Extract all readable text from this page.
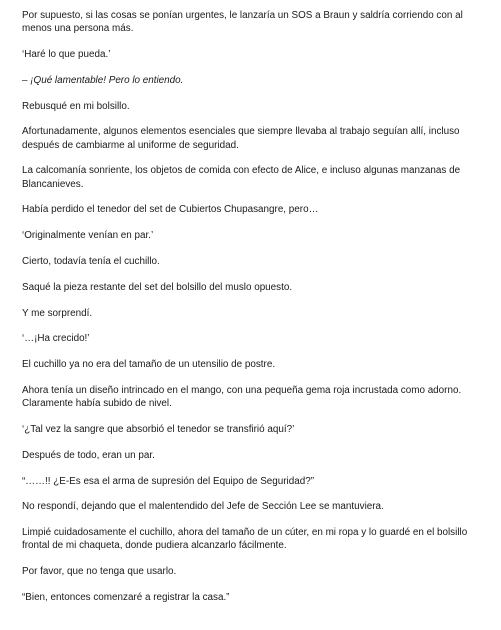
Por supuesto, si las cosas se ponían urgentes, le lanzaría un SOS a Braun y saldría corriendo con al menos una persona más.

‘Haré lo que pueda.’

– ¡Qué lamentable! Pero lo entiendo.

Rebusqué en mi bolsillo.

Afortunadamente, algunos elementos esenciales que siempre llevaba al trabajo seguían allí, incluso después de cambiarme al uniforme de seguridad.

La calcomanía sonriente, los objetos de comida con efecto de Alice, e incluso algunas manzanas de Blancanieves.

Había perdido el tenedor del set de Cubiertos Chupasangre, pero…

‘Originalmente venían en par.’

Cierto, todavía tenía el cuchillo.

Saqué la pieza restante del set del bolsillo del muslo opuesto.

Y me sorprendí.

‘…¡Ha crecido!’

El cuchillo ya no era del tamaño de un utensilio de postre.

Ahora tenía un diseño intrincado en el mango, con una pequeña gema roja incrustada como adorno.

Claramente había subido de nivel.

‘¿Tal vez la sangre que absorbió el tenedor se transfirió aquí?’

Después de todo, eran un par.

“……!! ¿E-Es esa el arma de supresión del Equipo de Seguridad?”

No respondí, dejando que el malentendido del Jefe de Sección Lee se mantuviera.

Limpié cuidadosamente el cuchillo, ahora del tamaño de un cúter, en mi ropa y lo guardé en el bolsillo frontal de mi chaqueta, donde pudiera alcanzarlo fácilmente.

Por favor, que no tenga que usarlo.

“Bien, entonces comenzaré a registrar la casa.”
